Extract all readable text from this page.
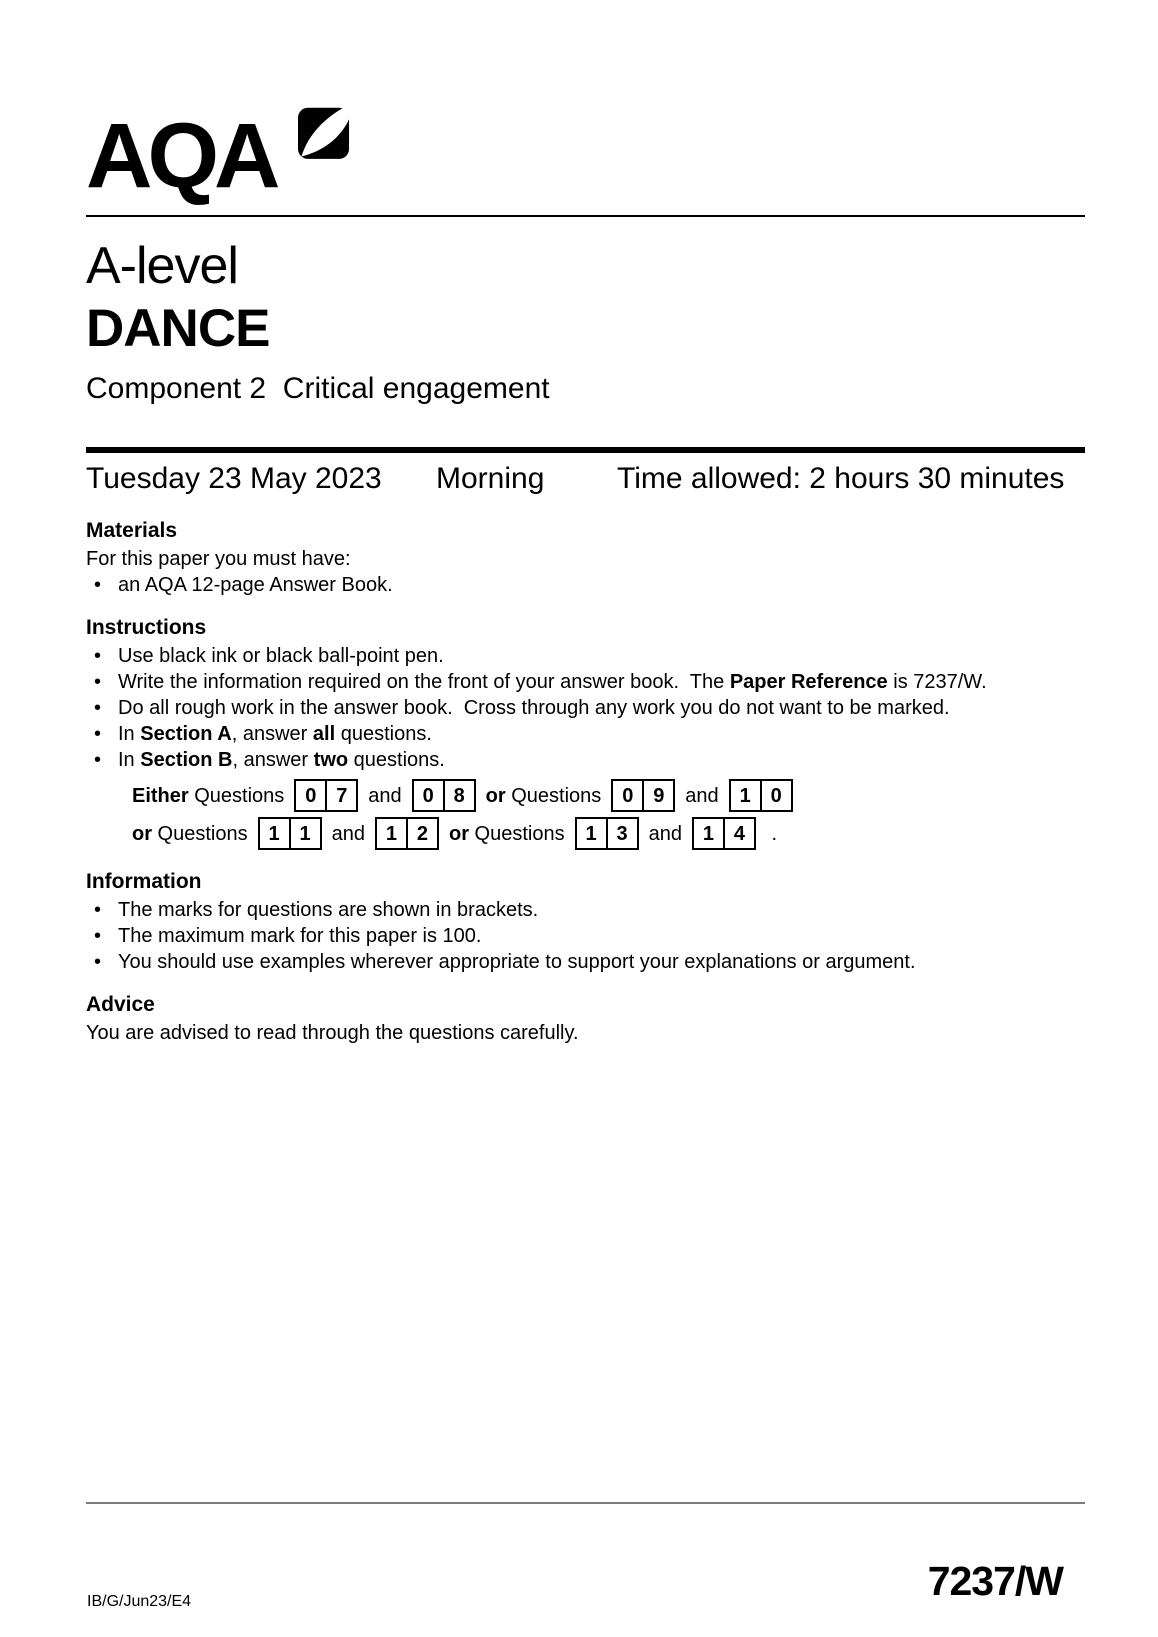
AQA
A-level
DANCE
Component 2  Critical engagement
Tuesday 23 May 2023	Morning	Time allowed: 2 hours 30 minutes
Materials

For this paper you must have:

• an AQA 12-page Answer Book.
Instructions
• Use black ink or black ball-point pen.
• Write the information required on the front of your answer book.  The Paper Reference is 7237/W.
• Do all rough work in the answer book.  Cross through any work you do not want to be marked.
• In Section A, answer all questions.
• In Section B, answer two questions.
Either Questions	0 7	and	0 8	or Questions	0 9	and	1 0
or Questions	1 1	and	1 2	or Questions	1 3	and	1 4	.
Information
• The marks for questions are shown in brackets.
• The maximum mark for this paper is 100.
• You should use examples wherever appropriate to support your explanations or argument.
Advice

You are advised to read through the questions carefully.

IB/G/Jun23/E4	7237/W
